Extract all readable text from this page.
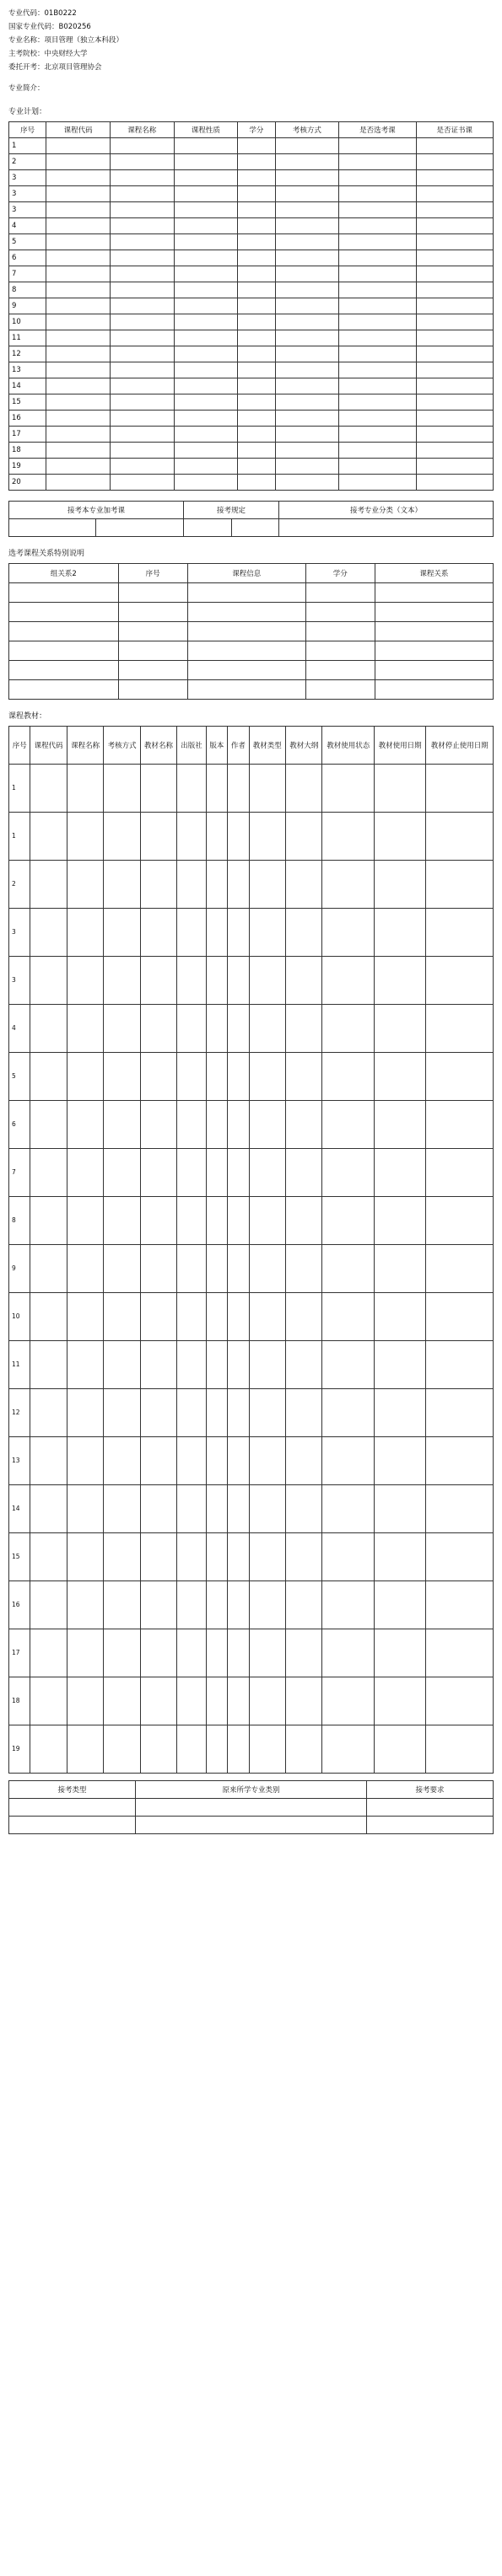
专业代码：01B0222
国家专业代码：B020256
专业名称：项目管理（独立本科段）
主考院校：中央财经大学
委托开考：北京项目管理协会
专业简介：
专业计划：
序号	课程代码	课程名称	课程性质	学分	考核方式	是否选考课	是否证书课
1							
2							
3							
3							
3							
4							
5							
6							
7							
8							
9							
10							
11							
12							
13							
14							
15							
16							
17							
18							
19							
20							
接考本专业加考课		接考规定		接考专业分类（文本）

选考课程关系特别说明
组关系2	序号	课程信息	学分	课程关系

课程教材：
序号	课程代码	课程名称	考核方式	教材名称	出版社	版本	作者	教材类型	教材大纲	教材使用状态	教材使用日期	教材停止使用日期
1												
1												
2												
3												
3												
4												
5												
6												
7												
8												
9												
10												
11												
12												
13												
14												
15												
16												
17												
18												
19												
接考类型	原来所学专业类别	接考要求
